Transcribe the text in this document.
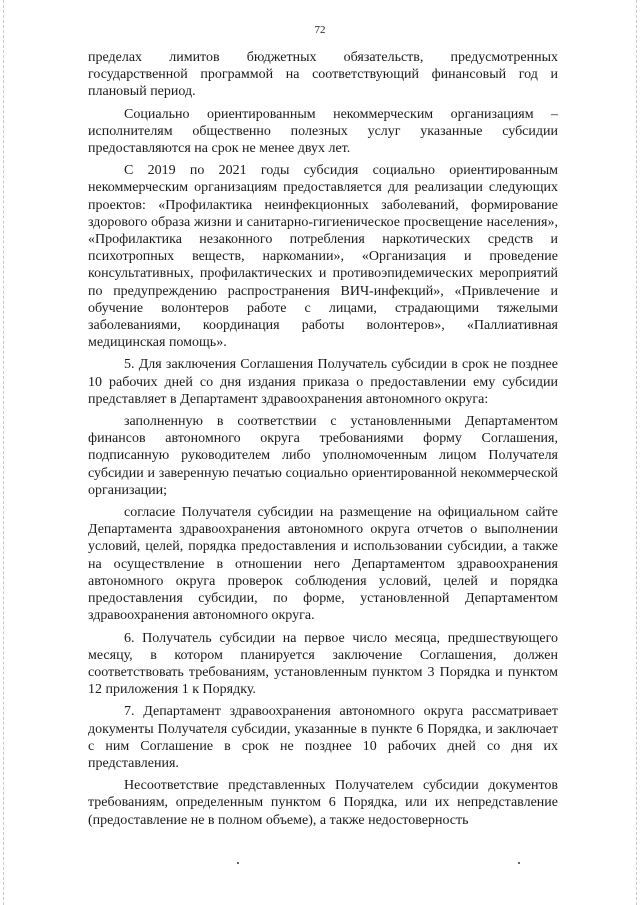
72

пределах лимитов бюджетных обязательств, предусмотренных государственной программой на соответствующий финансовый год и плановый период.

Социально ориентированным некоммерческим организациям – исполнителям общественно полезных услуг указанные субсидии предоставляются на срок не менее двух лет.

С 2019 по 2021 годы субсидия социально ориентированным некоммерческим организациям предоставляется для реализации следующих проектов: «Профилактика неинфекционных заболеваний, формирование здорового образа жизни и санитарно-гигиеническое просвещение населения», «Профилактика незаконного потребления наркотических средств и психотропных веществ, наркомании», «Организация и проведение консультативных, профилактических и противоэпидемических мероприятий по предупреждению распространения ВИЧ-инфекций», «Привлечение и обучение волонтеров работе с лицами, страдающими тяжелыми заболеваниями, координация работы волонтеров», «Паллиативная медицинская помощь».

5. Для заключения Соглашения Получатель субсидии в срок не позднее 10 рабочих дней со дня издания приказа о предоставлении ему субсидии представляет в Департамент здравоохранения автономного округа:

заполненную в соответствии с установленными Департаментом финансов автономного округа требованиями форму Соглашения, подписанную руководителем либо уполномоченным лицом Получателя субсидии и заверенную печатью социально ориентированной некоммерческой организации;

согласие Получателя субсидии на размещение на официальном сайте Департамента здравоохранения автономного округа отчетов о выполнении условий, целей, порядка предоставления и использовании субсидии, а также на осуществление в отношении него Департаментом здравоохранения автономного округа проверок соблюдения условий, целей и порядка предоставления субсидии, по форме, установленной Департаментом здравоохранения автономного округа.

6. Получатель субсидии на первое число месяца, предшествующего месяцу, в котором планируется заключение Соглашения, должен соответствовать требованиям, установленным пунктом 3 Порядка и пунктом 12 приложения 1 к Порядку.

7. Департамент здравоохранения автономного округа рассматривает документы Получателя субсидии, указанные в пункте 6 Порядка, и заключает с ним Соглашение в срок не позднее 10 рабочих дней со дня их представления.

Несоответствие представленных Получателем субсидии документов требованиям, определенным пунктом 6 Порядка, или их непредставление (предоставление не в полном объеме), а также недостоверность
